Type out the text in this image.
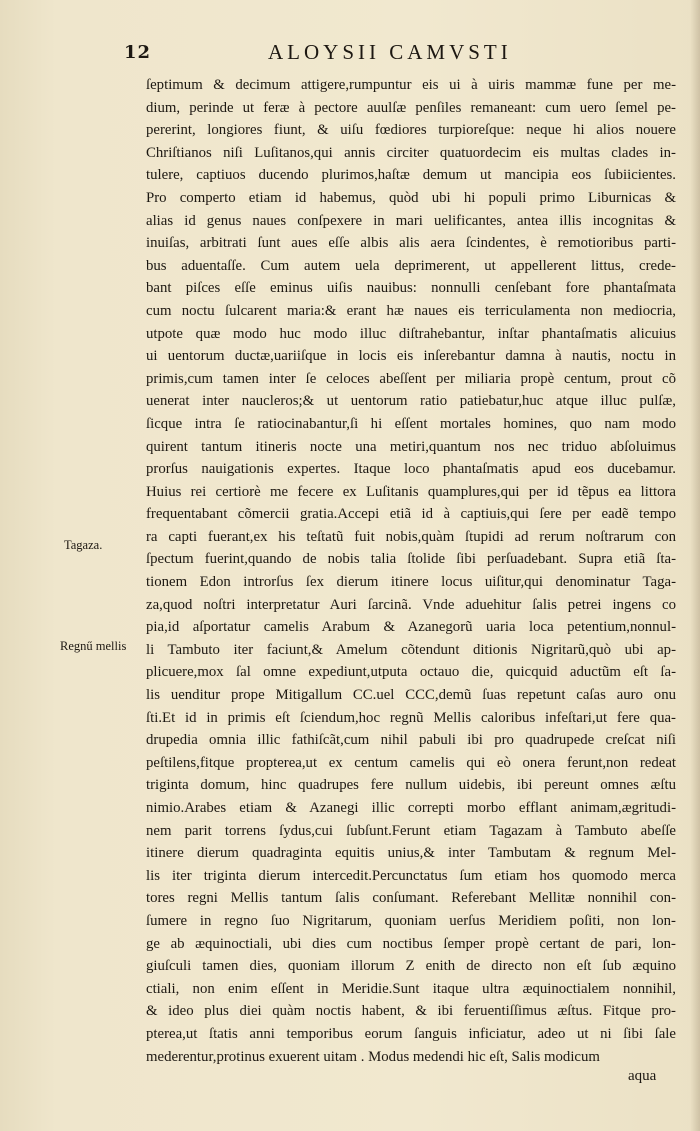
12	ALOYSII CAMVSTI
Tagaza.
Regnű mellis
ſeptimum & decimum attigere,rumpuntur eis ui à uiris mammæ fune per me-
dium, perinde ut feræ à pectore auulſæ penſiles remaneant: cum uero ſemel pe-
pererint, longiores fiunt, & uiſu fœdiores turpioreſque: neque hi alios nouere
Chriſtianos niſi Luſitanos,qui annis circiter quatuordecim eis multas clades in-
tulere, captiuos ducendo plurimos,haſtæ demum ut mancipia eos ſubiicientes.
Pro comperto etiam id habemus, quòd ubi hi populi primo Liburnicas &
alias id genus naues conſpexere in mari uelificantes, antea illis incognitas &
inuiſas, arbitrati ſunt aues eſſe albis alis aera ſcindentes, è remotioribus parti-
bus aduentaſſe. Cum autem uela deprimerent, ut appellerent littus, crede-
bant piſces eſſe eminus uiſis nauibus: nonnulli cenſebant fore phantaſmata
cum noctu ſulcarent maria:& erant hæ naues eis terriculamenta non mediocria,
utpote quæ modo huc modo illuc diſtrahebantur, inſtar phantaſmatis alicuius
ui uentorum ductæ,uariiſque in locis eis inſerebantur damna à nautis, noctu in
primis,cum tamen inter ſe celoces abeſſent per miliaria propè centum, prout cõ
uenerat inter naucleros;& ut uentorum ratio patiebatur,huc atque illuc pulſæ,
ſicque intra ſe ratiocinabantur,ſi hi eſſent mortales homines, quo nam modo
quirent tantum itineris nocte una metiri,quantum nos nec triduo abſoluimus
prorſus nauigationis expertes. Itaque loco phantaſmatis apud eos ducebamur.
Huius rei certiorè me fecere ex Luſitanis quamplures,qui per id tẽpus ea littora
frequentabant cõmercii gratia.Accepi etiã id à captiuis,qui ſere per eadẽ tempo
ra capti fuerant,ex his teſtatũ fuit nobis,quàm ſtupidi ad rerum noſtrarum con
ſpectum fuerint,quando de nobis talia ſtolide ſibi perſuadebant. Supra etiã ſta-
tionem Edon introrſus ſex dierum itinere locus uiſitur,qui denominatur Taga-
za,quod noſtri interpretatur Auri ſarcinã. Vnde aduehitur ſalis petrei ingens co
pia,id aſportatur camelis Arabum & Azanegorũ uaria loca petentium,nonnul-
li Tambuto iter faciunt,& Amelum cõtendunt ditionis Nigritarũ,quò ubi ap-
plicuere,mox ſal omne expediunt,utputa octauo die, quicquid aductũm eſt ſa-
lis uenditur prope Mitigallum CC.uel CCC,demũ ſuas repetunt caſas auro onu
ſti.Et id in primis eſt ſciendum,hoc regnũ Mellis caloribus infeſtari,ut fere qua-
drupedia omnia illic fathiſcãt,cum nihil pabuli ibi pro quadrupede creſcat niſi
peſtilens,fitque propterea,ut ex centum camelis qui eò onera ferunt,non redeat
triginta domum, hinc quadrupes fere nullum uidebis, ibi pereunt omnes æſtu
nimio.Arabes etiam & Azanegi illic correpti morbo efflant animam,ægritudi-
nem parit torrens ſydus,cui ſubſunt.Ferunt etiam Tagazam à Tambuto abeſſe
itinere dierum quadraginta equitis unius,& inter Tambutam & regnum Mel-
lis iter triginta dierum intercedit.Percunctatus ſum etiam hos quomodo merca
tores regni Mellis tantum ſalis conſumant. Referebant Mellitæ nonnihil con-
ſumere in regno ſuo Nigritarum, quoniam uerſus Meridiem poſiti, non lon-
ge ab æquinoctiali, ubi dies cum noctibus ſemper propè certant de pari, lon-
giuſculi tamen dies, quoniam illorum Z enith de directo non eſt ſub æquino
ctiali, non enim eſſent in Meridie.Sunt itaque ultra æquinoctialem nonnihil,
& ideo plus diei quàm noctis habent, & ibi feruentiſſimus æſtus. Fitque pro-
pterea,ut ſtatis anni temporibus eorum ſanguis inficiatur, adeo ut ni ſibi ſale
mederentur,protinus exuerent uitam . Modus medendi hic eſt, Salis modicum
aqua
